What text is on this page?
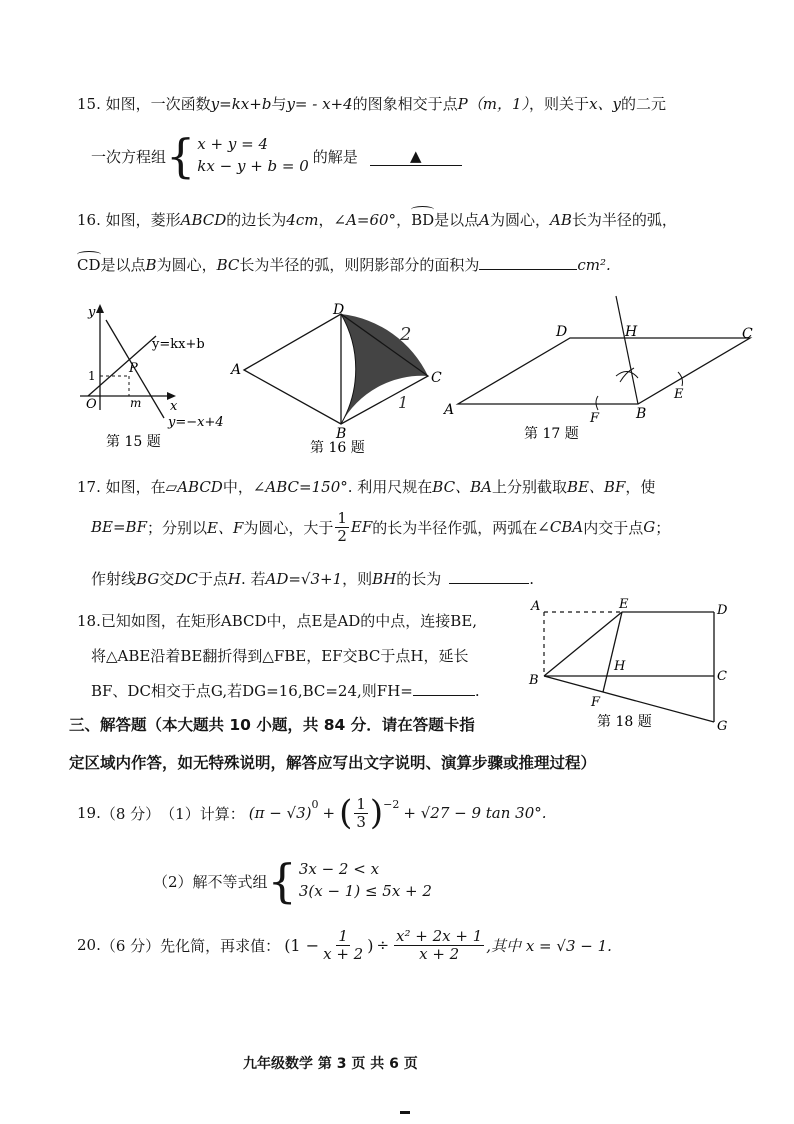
15. 如图，一次函数y=kx+b与y= - x+4的图象相交于点P（m，1），则关于x、y的二元
一次方程组 { x + y = 4
kx − y + b = 0
的解是	▲
16. 如图，菱形ABCD的边长为4cm，∠A=60°，
BD是以点A为圆心，AB长为半径的弧，
CD是以点B为圆心，BC长为半径的弧，则阴影部分的面积为	cm².
y
x
O	m
1	P
y=kx+b
y=−x+4
第 15 题
A
D
C
B
2
1
第 16 题
A	B
C
D	H
E
F
第 17 题
17. 如图，在▱ABCD中，∠ABC=150°. 利用尺规在BC、BA上分别截取BE、BF，使
BE=BF ；分别以 E、F 为圆心，大于 $\frac{1}{2}$ EF 的长为半径作弧，两弧在 ∠CBA 内交于点 G ；
作射线BG交DC于点H. 若AD=√3+1，则BH的长为	.
18.已知如图，在矩形ABCD中，点E是AD的中点，连接BE,
将△ABE沿着BE翻折得到△FBE，EF交BC于点H，延长
BF、DC相交于点G,若DG=16,BC=24,则FH=	.
A	E	D
B
H
C
F
G
第 18 题
三、解答题（本大题共 10 小题，共 84 分．请在答题卡指
定区域内作答，如无特殊说明，解答应写出文字说明、演算步骤或推理过程）
19. （8 分） （1）计算： $(\pi - √3)^0$ + ( $\frac{1}{3} )^{-2} + √27 - 9$ tan 30°.
（2）解不等式组 { 3x − 2 < x
3(x − 1) ≤ 5x + 2
20. （6 分） 先化简，再求值： ($1 - \frac{1}{x + 2}$ ) ÷ $\frac{\text{x² + 2x + 1}}{x + 2}$ ,其中 x = √3 − 1.
九年级数学 第 3 页 共 6 页
